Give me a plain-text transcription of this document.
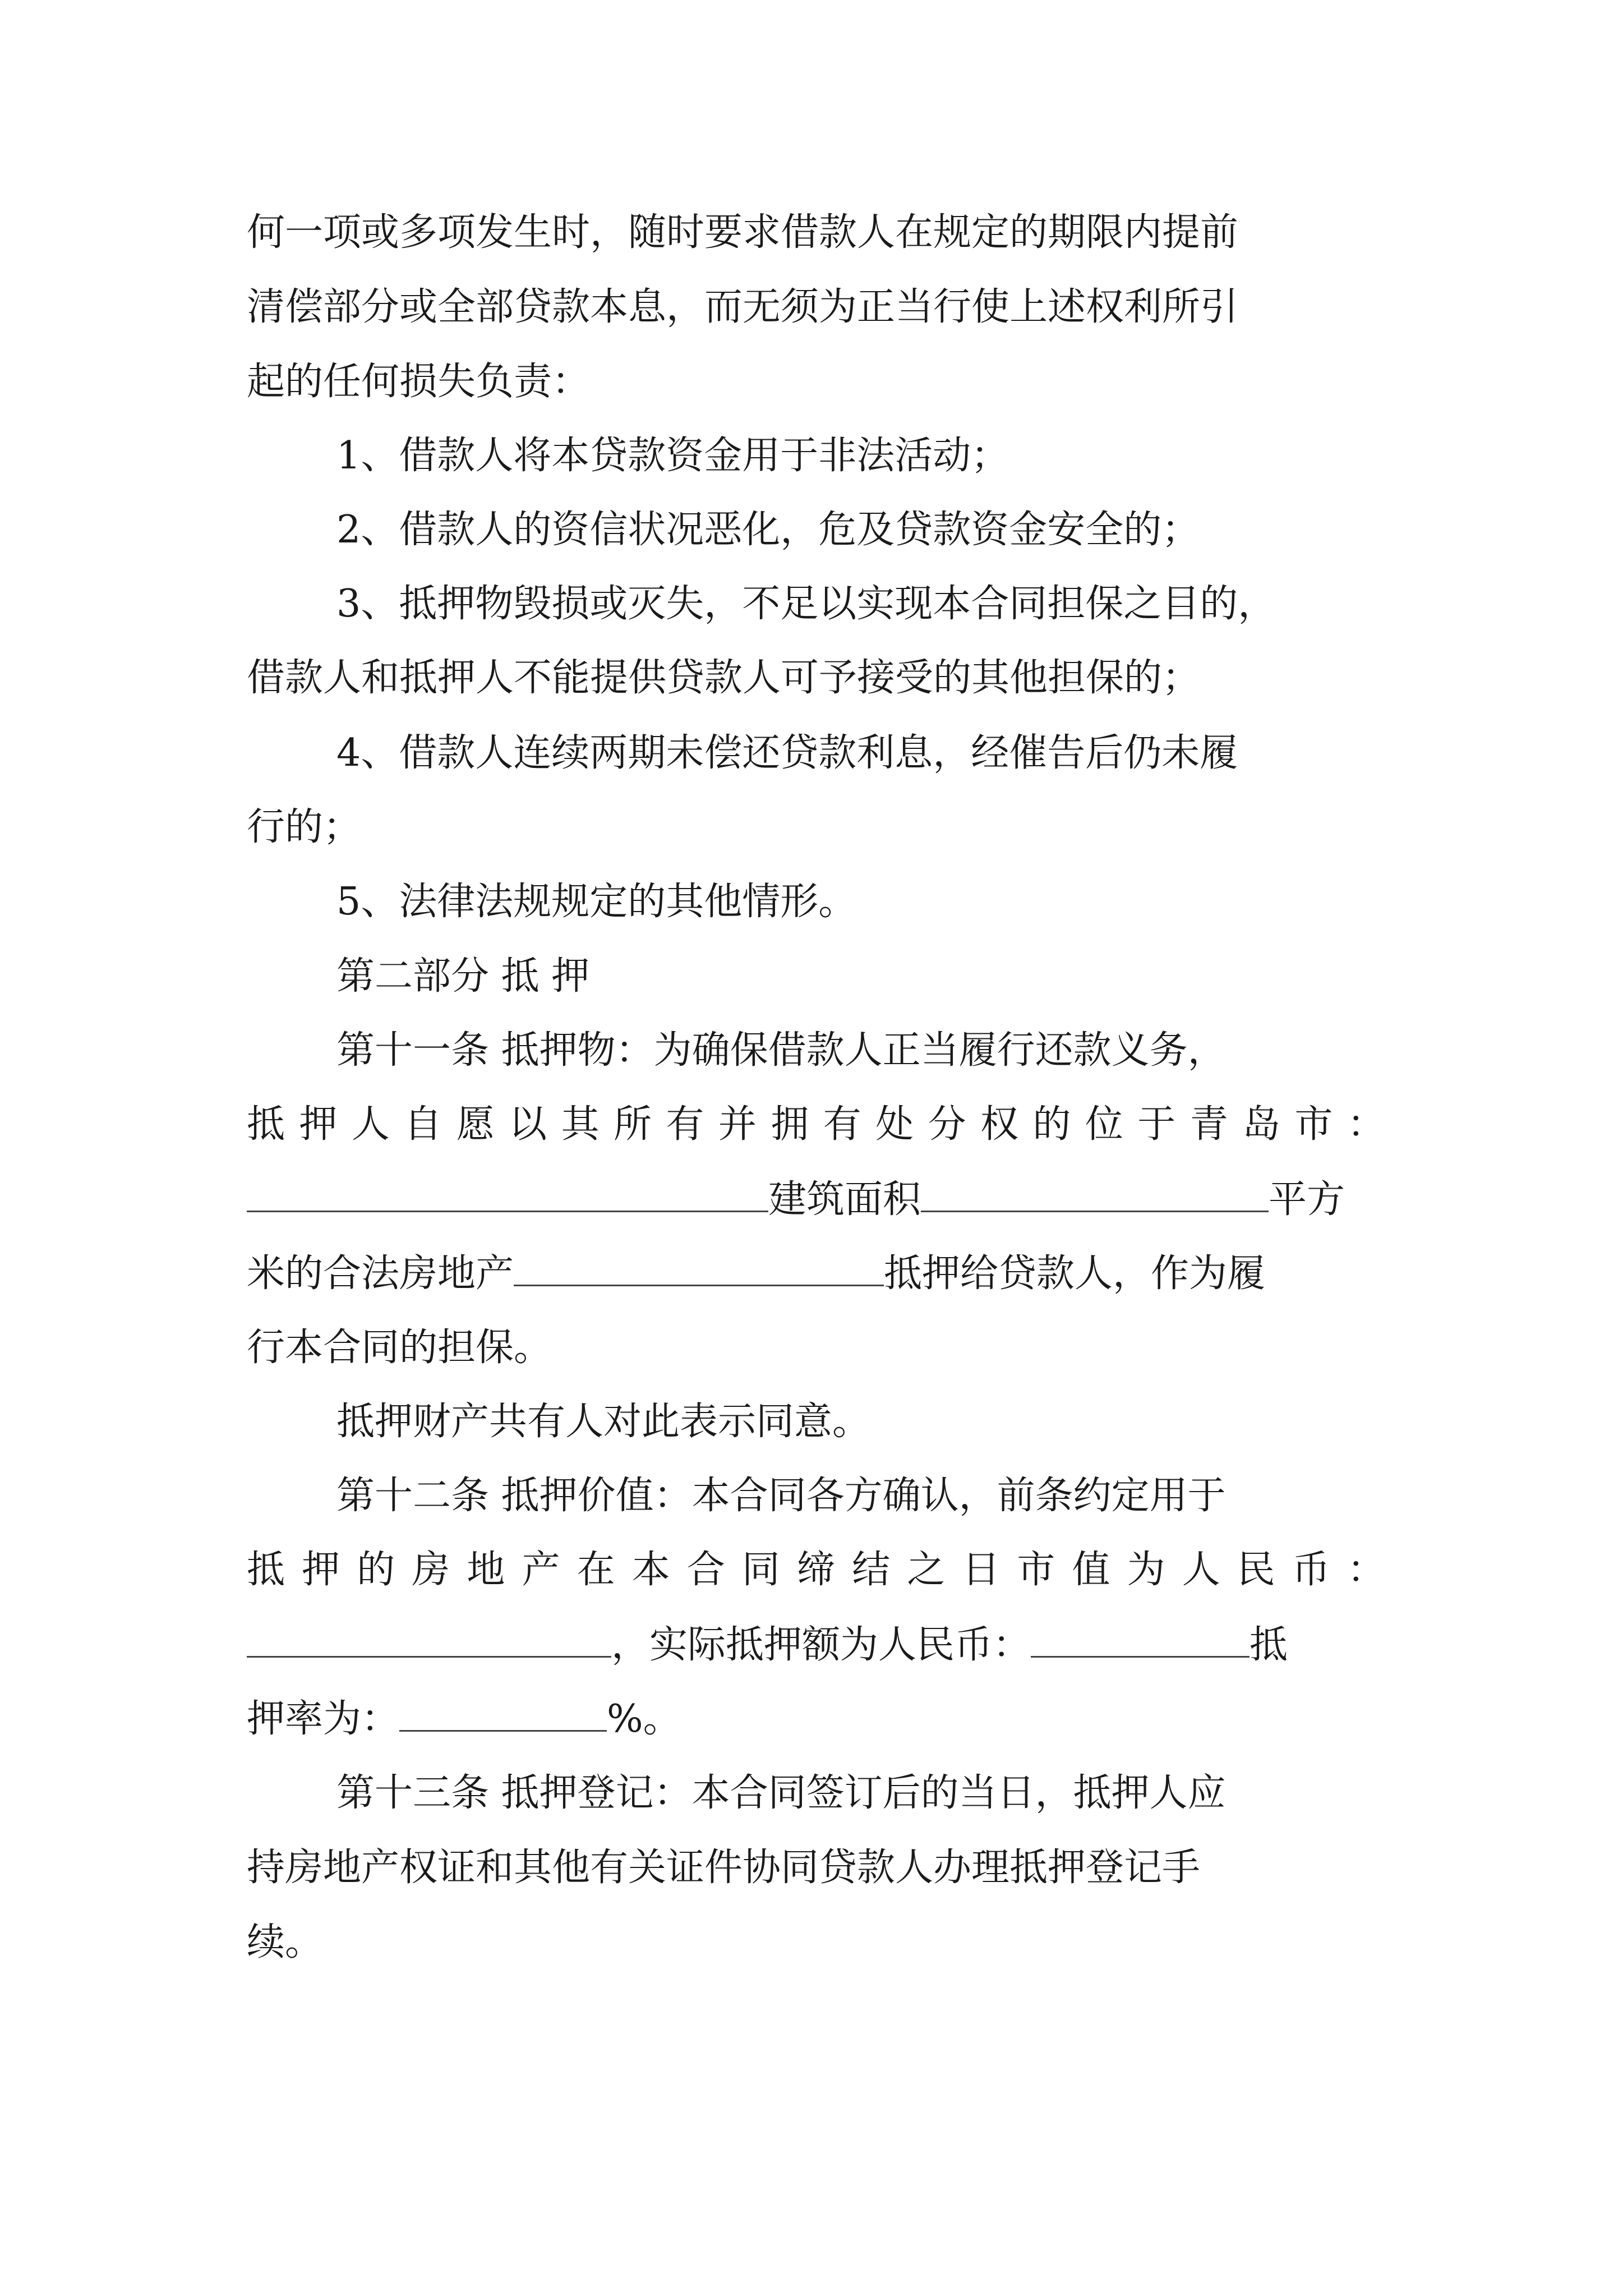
何一项或多项发生时，随时要求借款人在规定的期限内提前
清偿部分或全部贷款本息，而无须为正当行使上述权利所引
起的任何损失负责：
1、借款人将本贷款资金用于非法活动；
2、借款人的资信状况恶化，危及贷款资金安全的；
3、抵押物毁损或灭失，不足以实现本合同担保之目的，
借款人和抵押人不能提供贷款人可予接受的其他担保的；
4、借款人连续两期未偿还贷款利息，经催告后仍未履
行的；
5、法律法规规定的其他情形。
第二部分 抵 押
第十一条 抵押物：为确保借款人正当履行还款义务，
抵押人自愿以其所有并拥有处分权的位于青岛市：
建筑面积	平方
米的合法房地产	抵押给贷款人，作为履
行本合同的担保。
抵押财产共有人对此表示同意。
第十二条 抵押价值：本合同各方确认，前条约定用于
抵押的房地产在本合同缔结之日市值为人民币：
，实际抵押额为人民币：	抵
押率为：	%。
第十三条 抵押登记：本合同签订后的当日，抵押人应
持房地产权证和其他有关证件协同贷款人办理抵押登记手
续。
